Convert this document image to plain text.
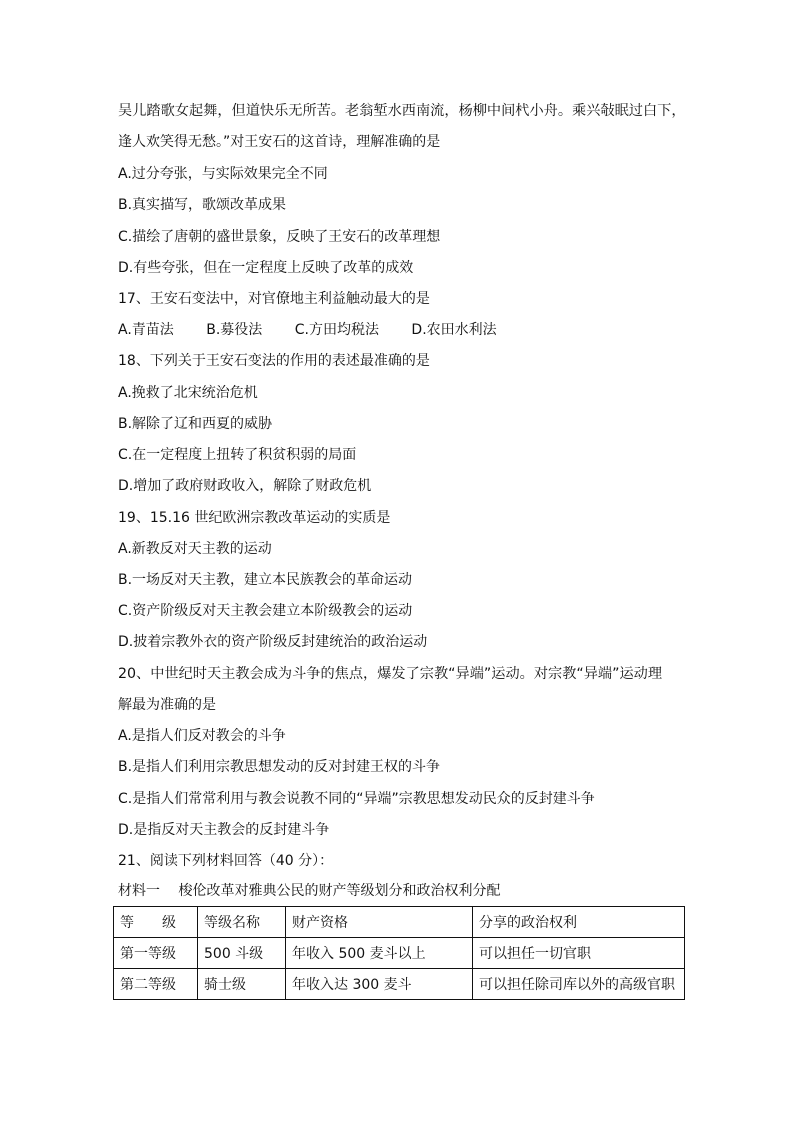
吴儿踏歌女起舞，但道快乐无所苦。老翁堑水西南流，杨柳中间杙小舟。乘兴敧眠过白下，
逢人欢笑得无愁。”对王安石的这首诗，理解准确的是
A.过分夸张，与实际效果完全不同
B.真实描写，歌颂改革成果
C.描绘了唐朝的盛世景象，反映了王安石的改革理想
D.有些夸张，但在一定程度上反映了改革的成效
17、王安石变法中，对官僚地主利益触动最大的是
A.青苗法　　 B.募役法　　 C.方田均税法　　 D.农田水利法
18、下列关于王安石变法的作用的表述最准确的是
A.挽救了北宋统治危机
B.解除了辽和西夏的威胁
C.在一定程度上扭转了积贫积弱的局面
D.增加了政府财政收入，解除了财政危机
19、15.16 世纪欧洲宗教改革运动的实质是
A.新教反对天主教的运动
B.一场反对天主教，建立本民族教会的革命运动
C.资产阶级反对天主教会建立本阶级教会的运动
D.披着宗教外衣的资产阶级反封建统治的政治运动
20、中世纪时天主教会成为斗争的焦点，爆发了宗教“异端”运动。对宗教“异端”运动理
解最为准确的是
A.是指人们反对教会的斗争
B.是指人们利用宗教思想发动的反对封建王权的斗争
C.是指人们常常利用与教会说教不同的“异端”宗教思想发动民众的反封建斗争
D.是指反对天主教会的反封建斗争
21、阅读下列材料回答（40 分）：
材料一　 梭伦改革对雅典公民的财产等级划分和政治权利分配
等　　级	等级名称	财产资格	分享的政治权利
第一等级	500 斗级	年收入 500 麦斗以上	可以担任一切官职
第二等级	骑士级	年收入达 300 麦斗	可以担任除司库以外的高级官职
